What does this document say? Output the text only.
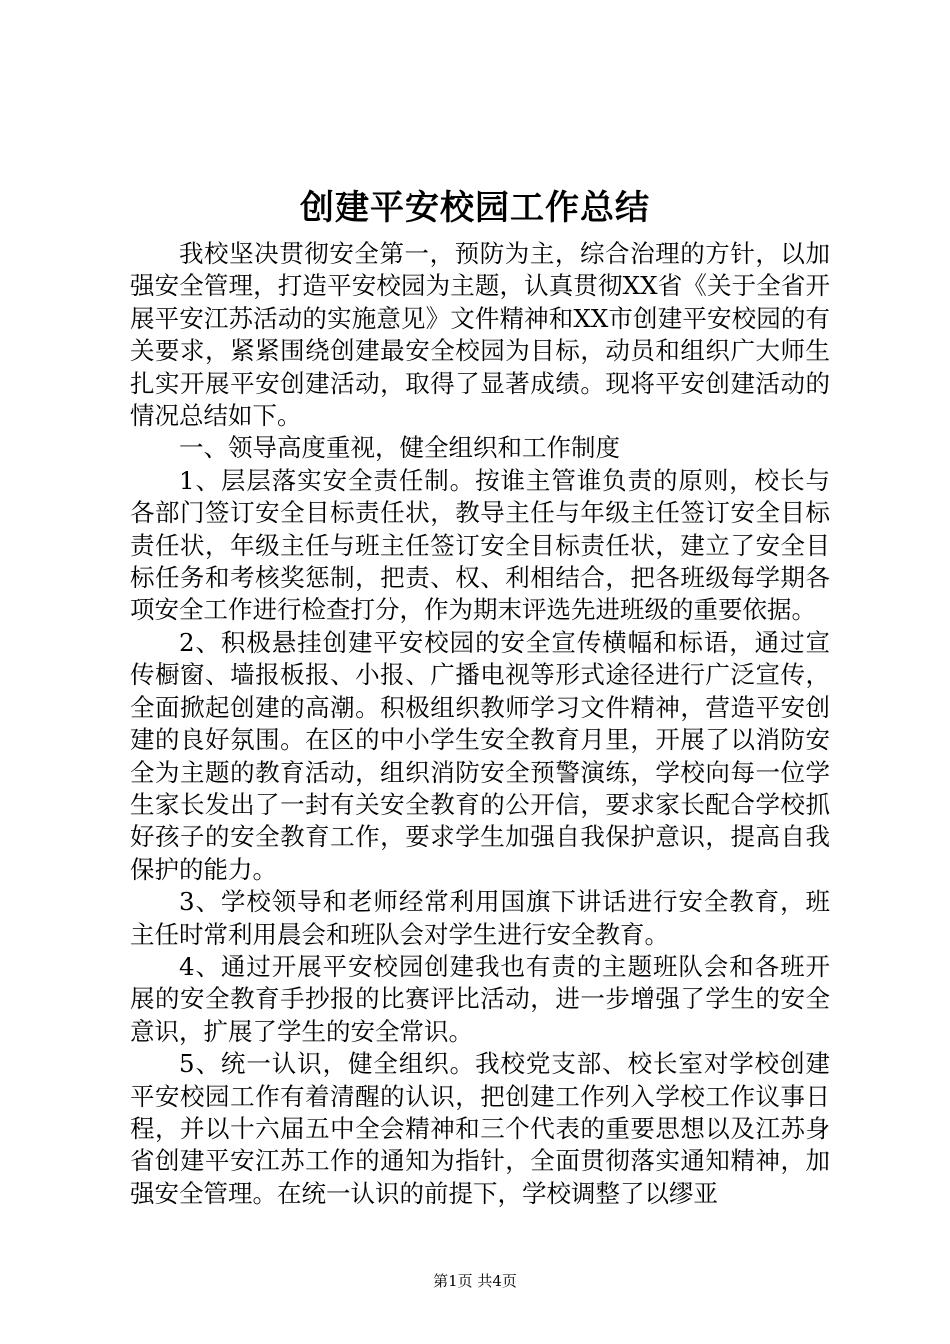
创建平安校园工作总结

我校坚决贯彻安全第一，预防为主，综合治理的方针，以加强安全管理，打造平安校园为主题，认真贯彻XX省《关于全省开展平安江苏活动的实施意见》文件精神和XX市创建平安校园的有关要求，紧紧围绕创建最安全校园为目标，动员和组织广大师生扎实开展平安创建活动，取得了显著成绩。现将平安创建活动的情况总结如下。

一、领导高度重视，健全组织和工作制度

1、层层落实安全责任制。按谁主管谁负责的原则，校长与各部门签订安全目标责任状，教导主任与年级主任签订安全目标责任状，年级主任与班主任签订安全目标责任状，建立了安全目标任务和考核奖惩制，把责、权、利相结合，把各班级每学期各项安全工作进行检查打分，作为期末评选先进班级的重要依据。

2、积极悬挂创建平安校园的安全宣传横幅和标语，通过宣传橱窗、墙报板报、小报、广播电视等形式途径进行广泛宣传，全面掀起创建的高潮。积极组织教师学习文件精神，营造平安创建的良好氛围。在区的中小学生安全教育月里，开展了以消防安全为主题的教育活动，组织消防安全预警演练，学校向每一位学生家长发出了一封有关安全教育的公开信，要求家长配合学校抓好孩子的安全教育工作，要求学生加强自我保护意识，提高自我保护的能力。

3、学校领导和老师经常利用国旗下讲话进行安全教育，班主任时常利用晨会和班队会对学生进行安全教育。

4、通过开展平安校园创建我也有责的主题班队会和各班开展的安全教育手抄报的比赛评比活动，进一步增强了学生的安全意识，扩展了学生的安全常识。

5、统一认识，健全组织。我校党支部、校长室对学校创建平安校园工作有着清醒的认识，把创建工作列入学校工作议事日程，并以十六届五中全会精神和三个代表的重要思想以及江苏身省创建平安江苏工作的通知为指针，全面贯彻落实通知精神，加强安全管理。在统一认识的前提下，学校调整了以缪亚

第1页 共4页
